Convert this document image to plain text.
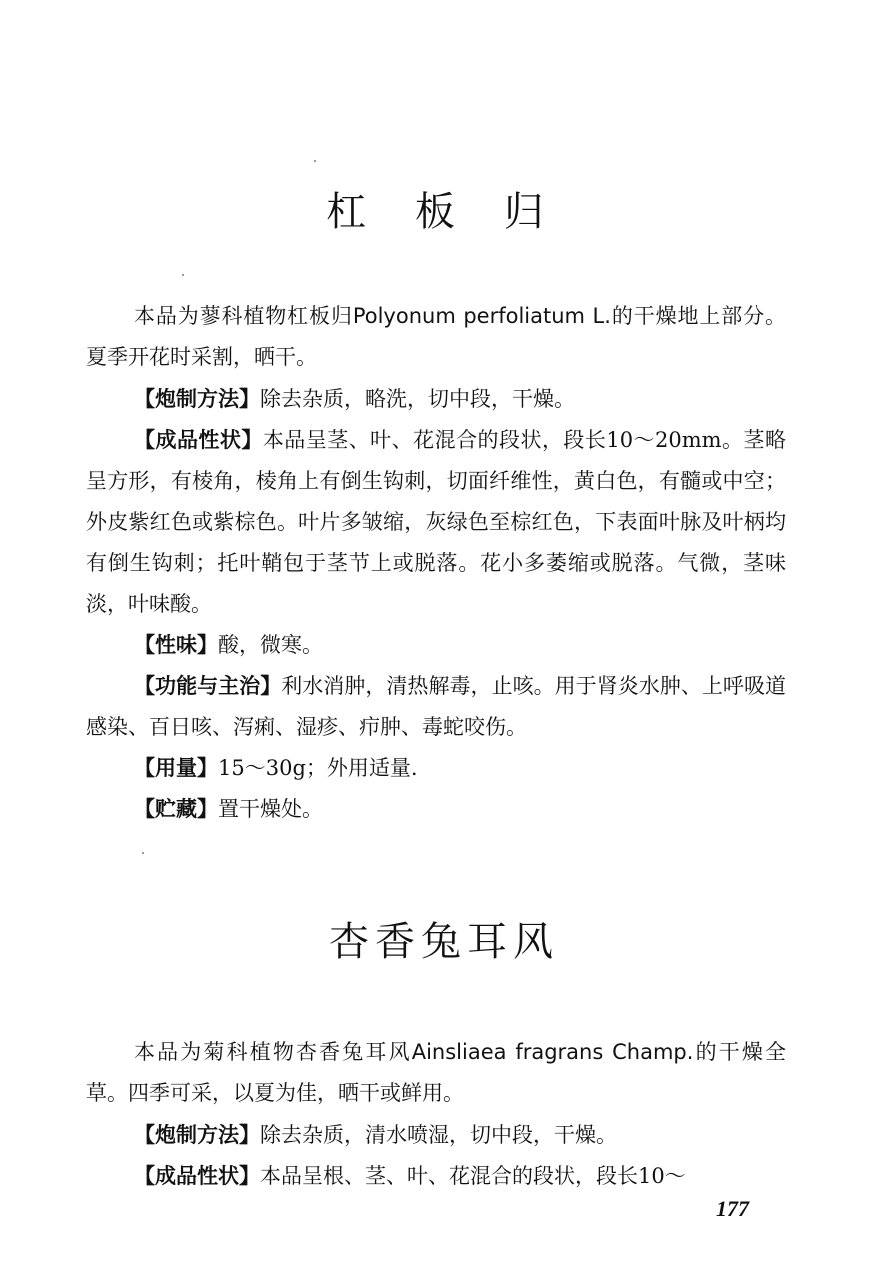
杠 板 归
本品为蓼科植物杠板归Polyonum perfoliatum L.的干燥地上部分。夏季开花时采割，晒干。
【炮制方法】除去杂质，略洗，切中段，干燥。
【成品性状】本品呈茎、叶、花混合的段状，段长10～20mm。茎略呈方形，有棱角，棱角上有倒生钩刺，切面纤维性，黄白色，有髓或中空；外皮紫红色或紫棕色。叶片多皱缩，灰绿色至棕红色，下表面叶脉及叶柄均有倒生钩刺；托叶鞘包于茎节上或脱落。花小多萎缩或脱落。气微，茎味淡，叶味酸。
【性味】酸，微寒。
【功能与主治】利水消肿，清热解毒，止咳。用于肾炎水肿、上呼吸道感染、百日咳、泻痢、湿疹、疖肿、毒蛇咬伤。
【用量】15～30g；外用适量.
【贮藏】置干燥处。
杏香兔耳风
本品为菊科植物杏香兔耳风Ainsliaea fragrans Champ.的干燥全草。四季可采，以夏为佳，晒干或鲜用。
【炮制方法】除去杂质，清水喷湿，切中段，干燥。
【成品性状】本品呈根、茎、叶、花混合的段状，段长10～
177
